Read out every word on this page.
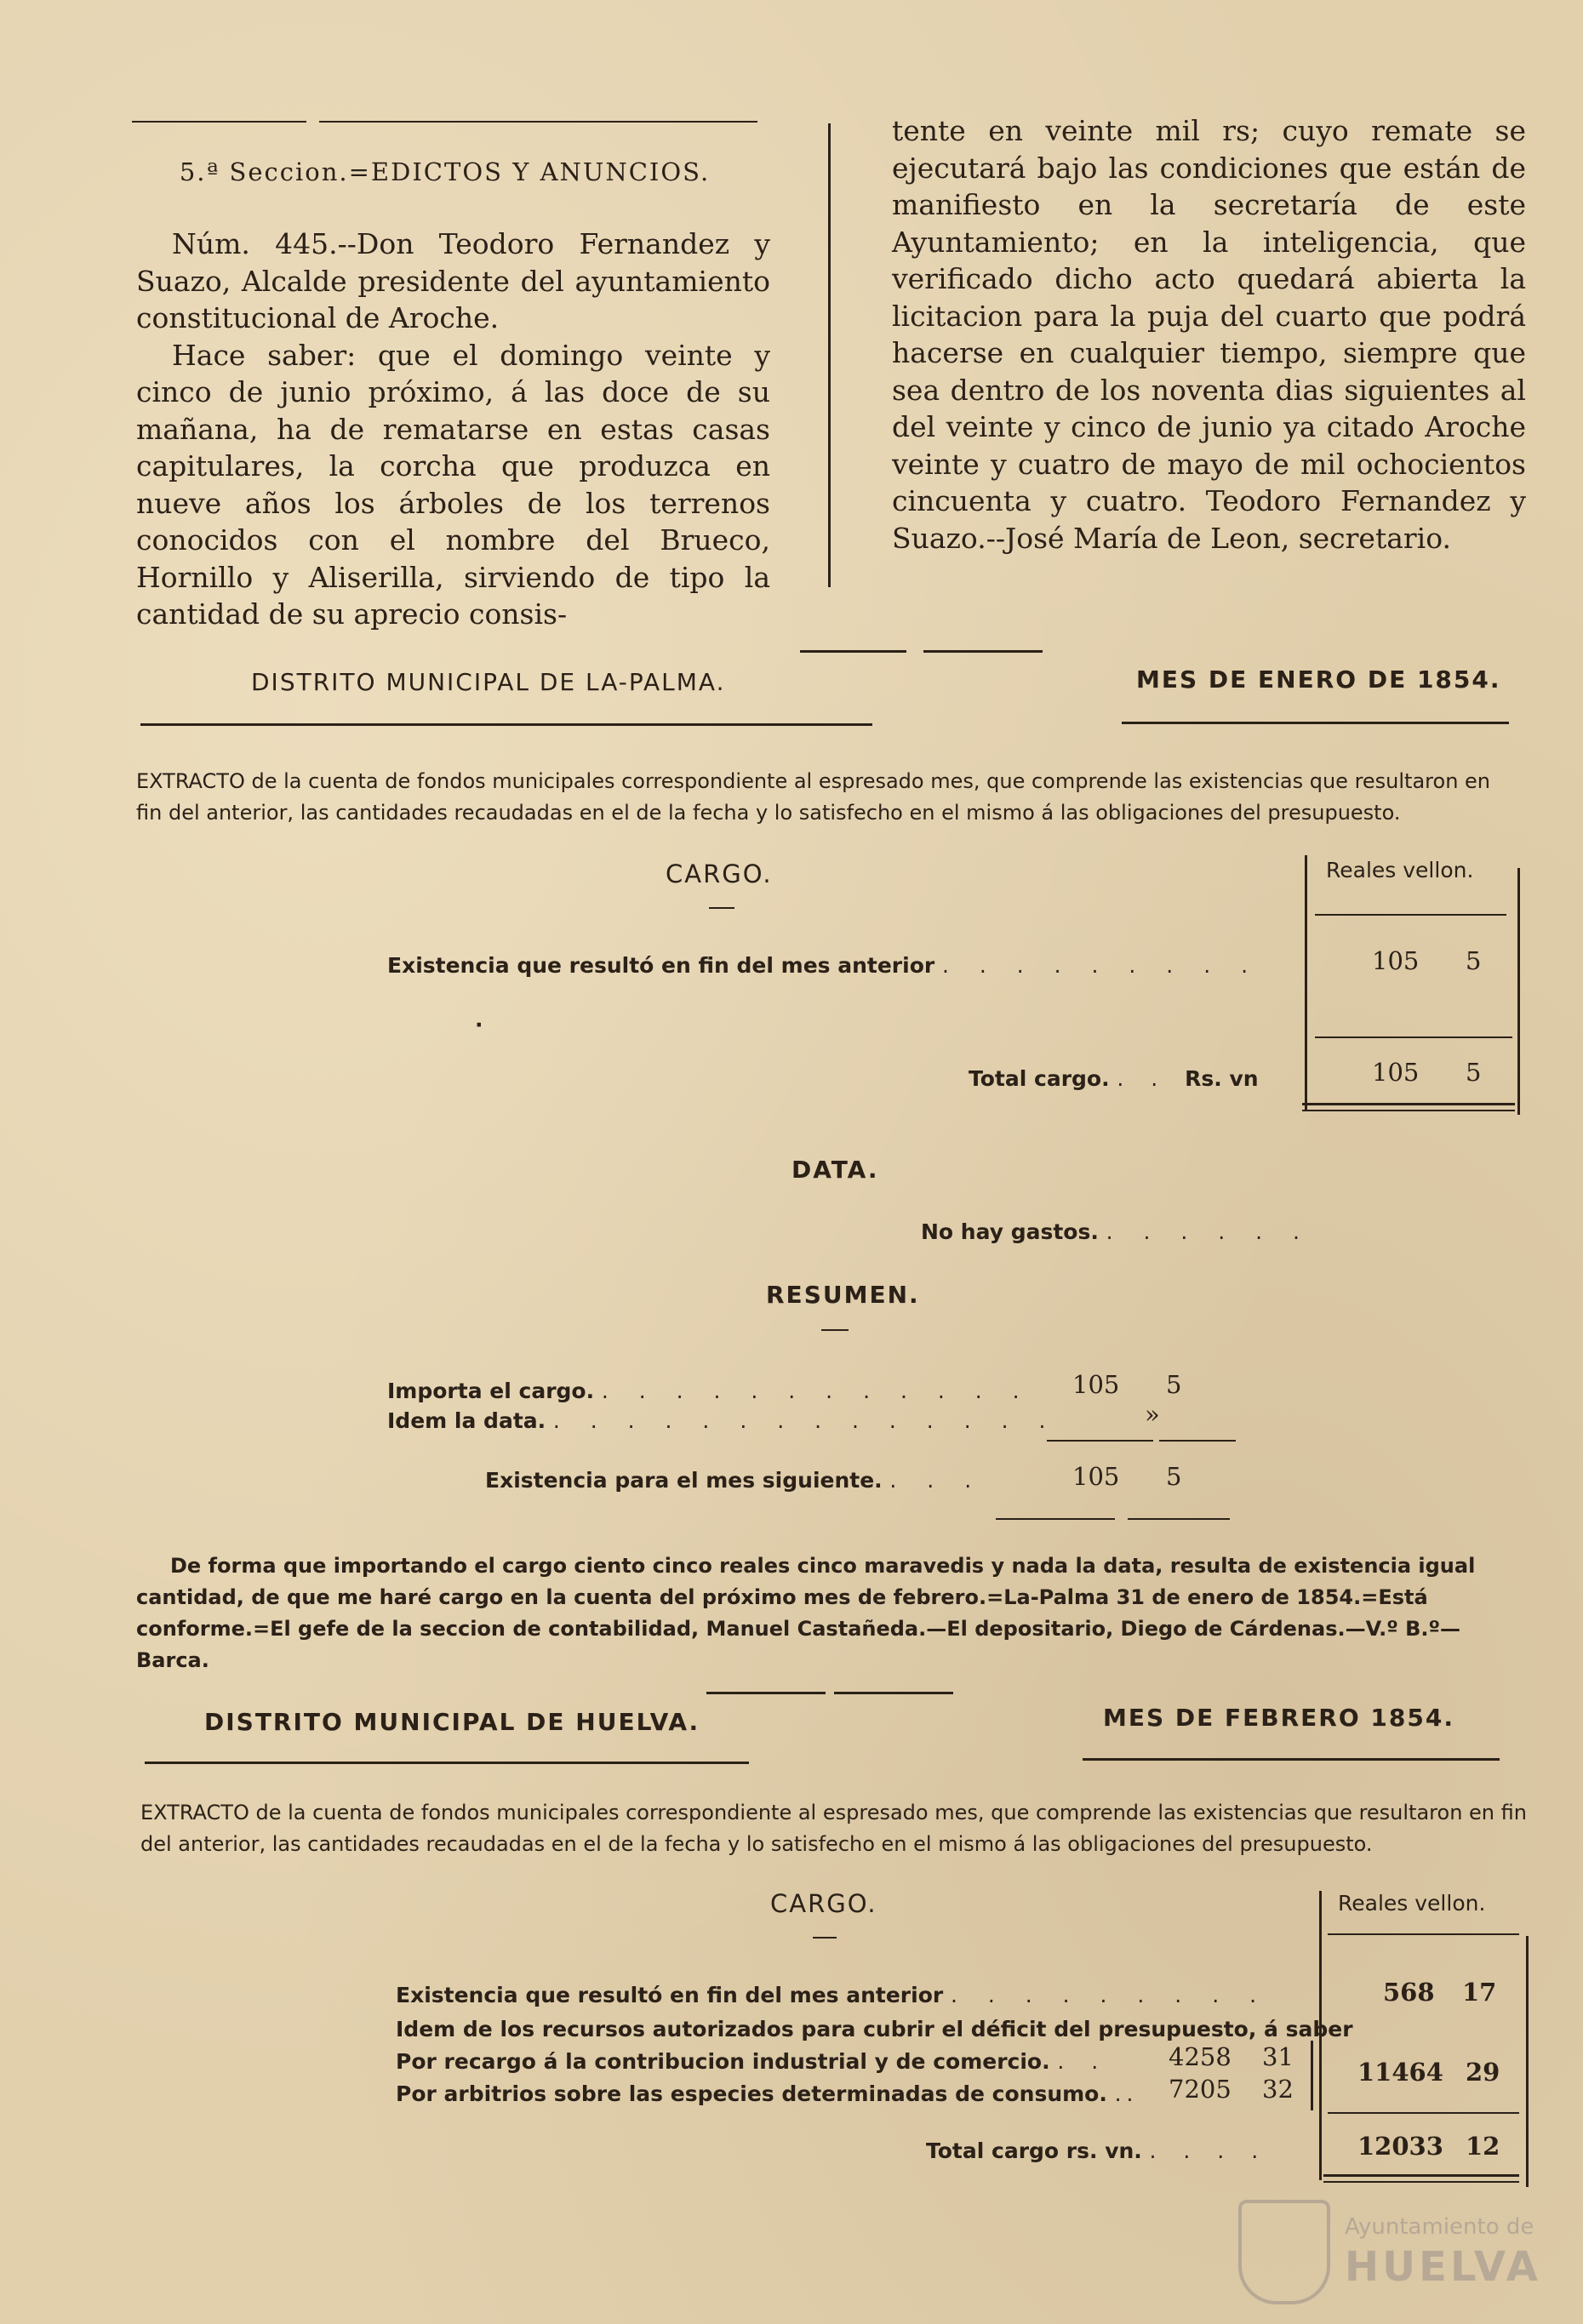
5.ª Seccion.=EDICTOS Y ANUNCIOS.

Núm. 445.--Don Teodoro Fernandez y Suazo, Alcalde presidente del ayuntamiento constitucional de Aroche.

Hace saber: que el domingo veinte y cinco de junio próximo, á las doce de su mañana, ha de rematarse en estas casas capitulares, la corcha que produzca en nueve años los árboles de los terrenos conocidos con el nombre del Brueco, Hornillo y Aliserilla, sirviendo de tipo la cantidad de su aprecio consis-

tente en veinte mil rs; cuyo remate se ejecutará bajo las condiciones que están de manifiesto en la secretaría de este Ayuntamiento; en la inteligencia, que verificado dicho acto quedará abierta la licitacion para la puja del cuarto que podrá hacerse en cualquier tiempo, siempre que sea dentro de los noventa dias siguientes al del veinte y cinco de junio ya citado Aroche veinte y cuatro de mayo de mil ochocientos cincuenta y cuatro. Teodoro Fernandez y Suazo.--José María de Leon, secretario.

DISTRITO MUNICIPAL DE LA-PALMA.	MES DE ENERO DE 1854.
EXTRACTO de la cuenta de fondos municipales correspondiente al espresado mes, que comprende las existencias que resultaron en fin del anterior, las cantidades recaudadas en el de la fecha y lo satisfecho en el mismo á las obligaciones del presupuesto.
CARGO.	Reales vellon.
Existencia que resultó en fin del mes anterior . . . . . . . . .	105 5
·
Total cargo. . . Rs. vn	105 5
DATA.
No hay gastos. . . . . . .
RESUMEN.
Importa el cargo. . . . . . . . . . . . . 105 5
Idem la data. . . . . . . . . . . . . . .	»
Existencia para el mes siguiente. . . .	105 5
De forma que importando el cargo ciento cinco reales cinco maravedis y nada la data, resulta de existencia igual cantidad, de que me haré cargo en la cuenta del próximo mes de febrero.=La-Palma 31 de enero de 1854.=Está conforme.=El gefe de la seccion de contabilidad, Manuel Castañeda.—El depositario, Diego de Cárdenas.—V.º B.º—Barca.
DISTRITO MUNICIPAL DE HUELVA.	MES DE FEBRERO 1854.
EXTRACTO de la cuenta de fondos municipales correspondiente al espresado mes, que comprende las existencias que resultaron en fin del anterior, las cantidades recaudadas en el de la fecha y lo satisfecho en el mismo á las obligaciones del presupuesto.
CARGO.	Reales vellon.
Existencia que resultó en fin del mes anterior . . . . . . . . .	568 17
Idem de los recursos autorizados para cubrir el déficit del presupuesto, á saber
Por recargo á la contribucion industrial y de comercio. . . 4258 31
Por arbitrios sobre las especies determinadas de consumo. .. 7205 32
11464 29
Total cargo rs. vn. . . . .	12033 12
Ayuntamiento de
HUELVA
